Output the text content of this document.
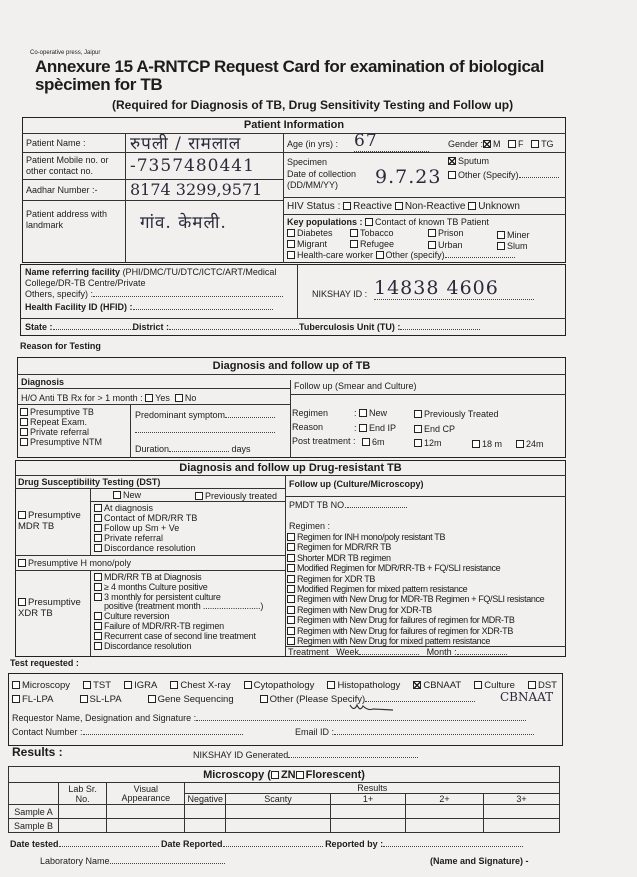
Co-operative press, Jaipur
Annexure 15 A-RNTCP Request Card for examination of biological spècimen for TB
(Required for Diagnosis of TB, Drug Sensitivity Testing and Follow up)
Patient Information
Patient Name :	रुपली / रामलाल
Patient Mobile no. or
other contact no. -7357480441
Aadhar Number :- 8174 3299,9571
Patient address with
landmark	गांव. केमली.
Age (in yrs) : 67	Gender : M F TG
Specimen
Date of collection
(DD/MM/YY) 9.7.23
Sputum
Other (Specify)
HIV Status : Reactive Non-Reactive Unknown
Key populations : Contact of known TB Patient
Diabetes	Tobacco	Prison	Miner
Migrant	Refugee	Urban	Slum
Health-care worker Other (specify)
Name referring facility (PHI/DMC/TU/DTC/ICTC/ART/Medical
College/DR-TB Centre/Private
Others, specify) :
Health Facility ID (HFID) :
NIKSHAY ID : 14838 4606
State :	District :	Tuberculosis Unit (TU) :
Reason for Testing
Diagnosis and follow up of TB
Diagnosis
H/O Anti TB Rx for > 1 month : Yes No
Presumptive TB
Repeat Exam.
Private referral
Presumptive NTM
Predominant symptom
Duration	days
Follow up (Smear and Culture)
Regimen	: New	Previously Treated
Reason	: End IP	End CP
Post treatment :	6m	12m	18 m	24m
Diagnosis and follow up Drug-resistant TB
Drug Susceptibility Testing (DST)
New	Previously treated
Presumptive MDR TB
At diagnosis
Contact of MDR/RR TB
Follow up Sm + Ve
Private referral
Discordance resolution
Presumptive H mono/poly
Presumptive XDR TB
MDR/RR TB at Diagnosis
≥ 4 months Culture positive
3 monthly for persistent culture
positive (treatment month .........................)
Culture reversion
Failure of MDR/RR-TB regimen
Recurrent case of second line treatment
Discordance resolution
Follow up (Culture/Microscopy)
PMDT TB NO.
Regimen :
Regimen for INH mono/poly resistant TB
Regimen for MDR/RR TB
Shorter MDR TB regimen
Modified Regimen for MDR/RR-TB + FQ/SLI resistance
Regimen for XDR TB
Modified Regimen for mixed pattern resistance
Regimen with New Drug for MDR-TB Regimen + FQ/SLI resistance
Regimen with New Drug for XDR-TB
Regimen with New Drug for failures of regimen for MDR-TB
Regimen with New Drug for failures of regimen for XDR-TB
Regimen with New Drug for mixed pattern resistance
Treatment Week	Month :
Test requested :
Microscopy	TST	IGRA	Chest X-ray	Cytopathology	Histopathology	CBNAAT	Culture	DST
FL-LPA	SL-LPA	Gene Sequencing	Other (Please Specify)	CBNAAT
Requestor Name, Designation and Signature :
Contact Number :	Email ID :
Results :	NIKSHAY ID Generated
Microscopy ( ZN Florescent)							
	Lab Sr. No.	Visual Appearance	Results				
			Negative	Scanty	1+	2+	3+
Sample A							
Sample B							
Date tested	Date Reported	Reported by :
Laboratory Name	(Name and Signature) -
